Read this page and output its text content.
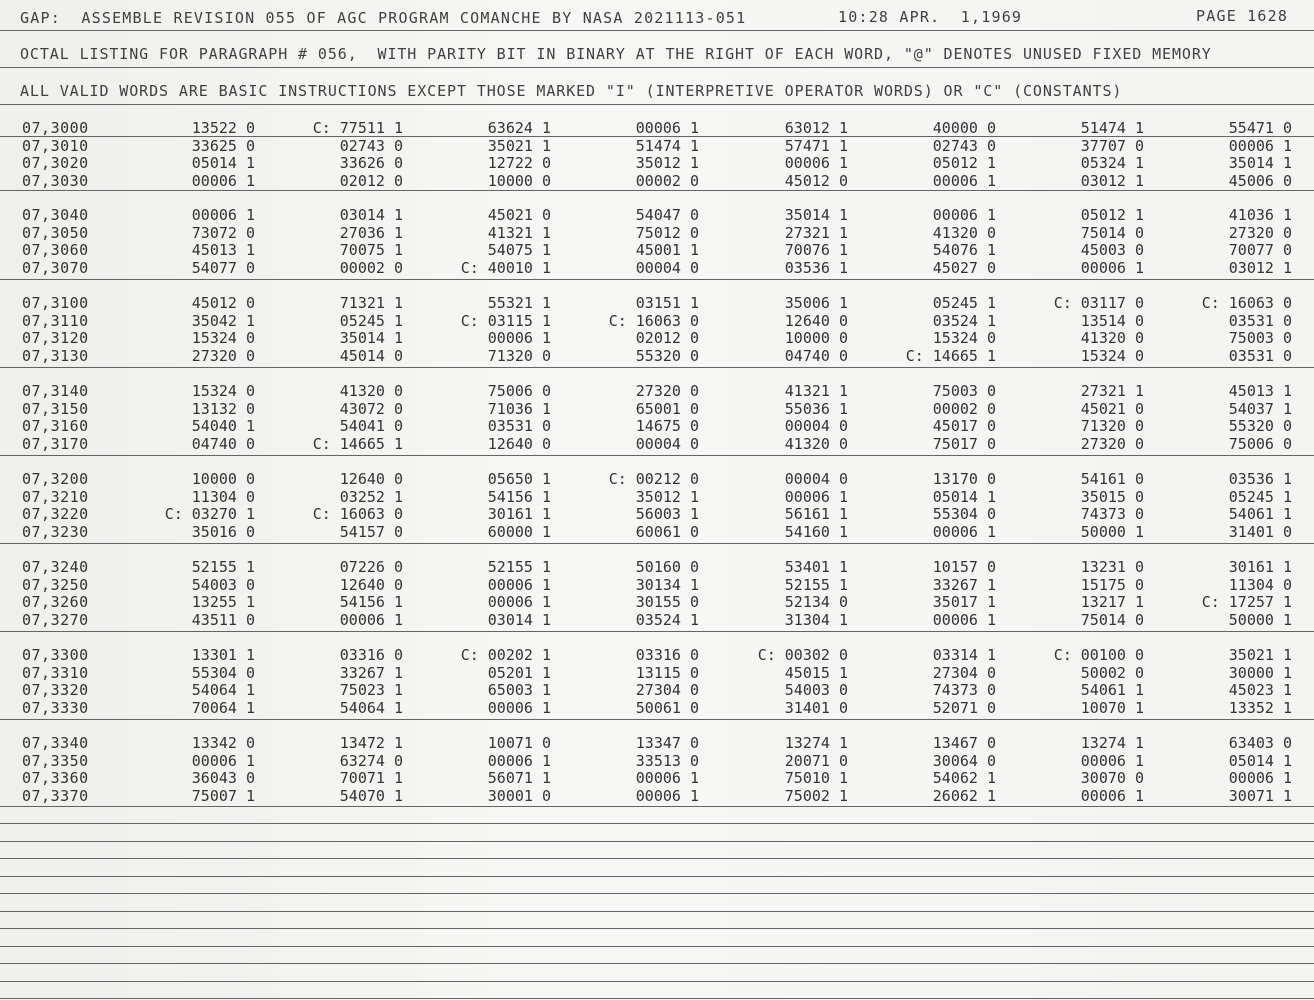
GAP:  ASSEMBLE REVISION 055 OF AGC PROGRAM COMANCHE BY NASA 2021113-051	10:28 APR.  1,1969	PAGE 1628
OCTAL LISTING FOR PARAGRAPH # 056,  WITH PARITY BIT IN BINARY AT THE RIGHT OF EACH WORD, "@" DENOTES UNUSED FIXED MEMORY
ALL VALID WORDS ARE BASIC INSTRUCTIONS EXCEPT THOSE MARKED "I" (INTERPRETIVE OPERATOR WORDS) OR "C" (CONSTANTS)
07,3000	13522 0	C: 77511 1	63624 1	00006 1	63012 1	40000 0	51474 1	55471 0
07,3010	33625 0	02743 0	35021 1	51474 1	57471 1	02743 0	37707 0	00006 1
07,3020	05014 1	33626 0	12722 0	35012 1	00006 1	05012 1	05324 1	35014 1
07,3030	00006 1	02012 0	10000 0	00002 0	45012 0	00006 1	03012 1	45006 0
07,3040	00006 1	03014 1	45021 0	54047 0	35014 1	00006 1	05012 1	41036 1
07,3050	73072 0	27036 1	41321 1	75012 0	27321 1	41320 0	75014 0	27320 0
07,3060	45013 1	70075 1	54075 1	45001 1	70076 1	54076 1	45003 0	70077 0
07,3070	54077 0	00002 0	C: 40010 1	00004 0	03536 1	45027 0	00006 1	03012 1
07,3100	45012 0	71321 1	55321 1	03151 1	35006 1	05245 1	C: 03117 0	C: 16063 0
07,3110	35042 1	05245 1	C: 03115 1	C: 16063 0	12640 0	03524 1	13514 0	03531 0
07,3120	15324 0	35014 1	00006 1	02012 0	10000 0	15324 0	41320 0	75003 0
07,3130	27320 0	45014 0	71320 0	55320 0	04740 0	C: 14665 1	15324 0	03531 0
07,3140	15324 0	41320 0	75006 0	27320 0	41321 1	75003 0	27321 1	45013 1
07,3150	13132 0	43072 0	71036 1	65001 0	55036 1	00002 0	45021 0	54037 1
07,3160	54040 1	54041 0	03531 0	14675 0	00004 0	45017 0	71320 0	55320 0
07,3170	04740 0	C: 14665 1	12640 0	00004 0	41320 0	75017 0	27320 0	75006 0
07,3200	10000 0	12640 0	05650 1	C: 00212 0	00004 0	13170 0	54161 0	03536 1
07,3210	11304 0	03252 1	54156 1	35012 1	00006 1	05014 1	35015 0	05245 1
07,3220	C: 03270 1	C: 16063 0	30161 1	56003 1	56161 1	55304 0	74373 0	54061 1
07,3230	35016 0	54157 0	60000 1	60061 0	54160 1	00006 1	50000 1	31401 0
07,3240	52155 1	07226 0	52155 1	50160 0	53401 1	10157 0	13231 0	30161 1
07,3250	54003 0	12640 0	00006 1	30134 1	52155 1	33267 1	15175 0	11304 0
07,3260	13255 1	54156 1	00006 1	30155 0	52134 0	35017 1	13217 1	C: 17257 1
07,3270	43511 0	00006 1	03014 1	03524 1	31304 1	00006 1	75014 0	50000 1
07,3300	13301 1	03316 0	C: 00202 1	03316 0	C: 00302 0	03314 1	C: 00100 0	35021 1
07,3310	55304 0	33267 1	05201 1	13115 0	45015 1	27304 0	50002 0	30000 1
07,3320	54064 1	75023 1	65003 1	27304 0	54003 0	74373 0	54061 1	45023 1
07,3330	70064 1	54064 1	00006 1	50061 0	31401 0	52071 0	10070 1	13352 1
07,3340	13342 0	13472 1	10071 0	13347 0	13274 1	13467 0	13274 1	63403 0
07,3350	00006 1	63274 0	00006 1	33513 0	20071 0	30064 0	00006 1	05014 1
07,3360	36043 0	70071 1	56071 1	00006 1	75010 1	54062 1	30070 0	00006 1
07,3370	75007 1	54070 1	30001 0	00006 1	75002 1	26062 1	00006 1	30071 1
